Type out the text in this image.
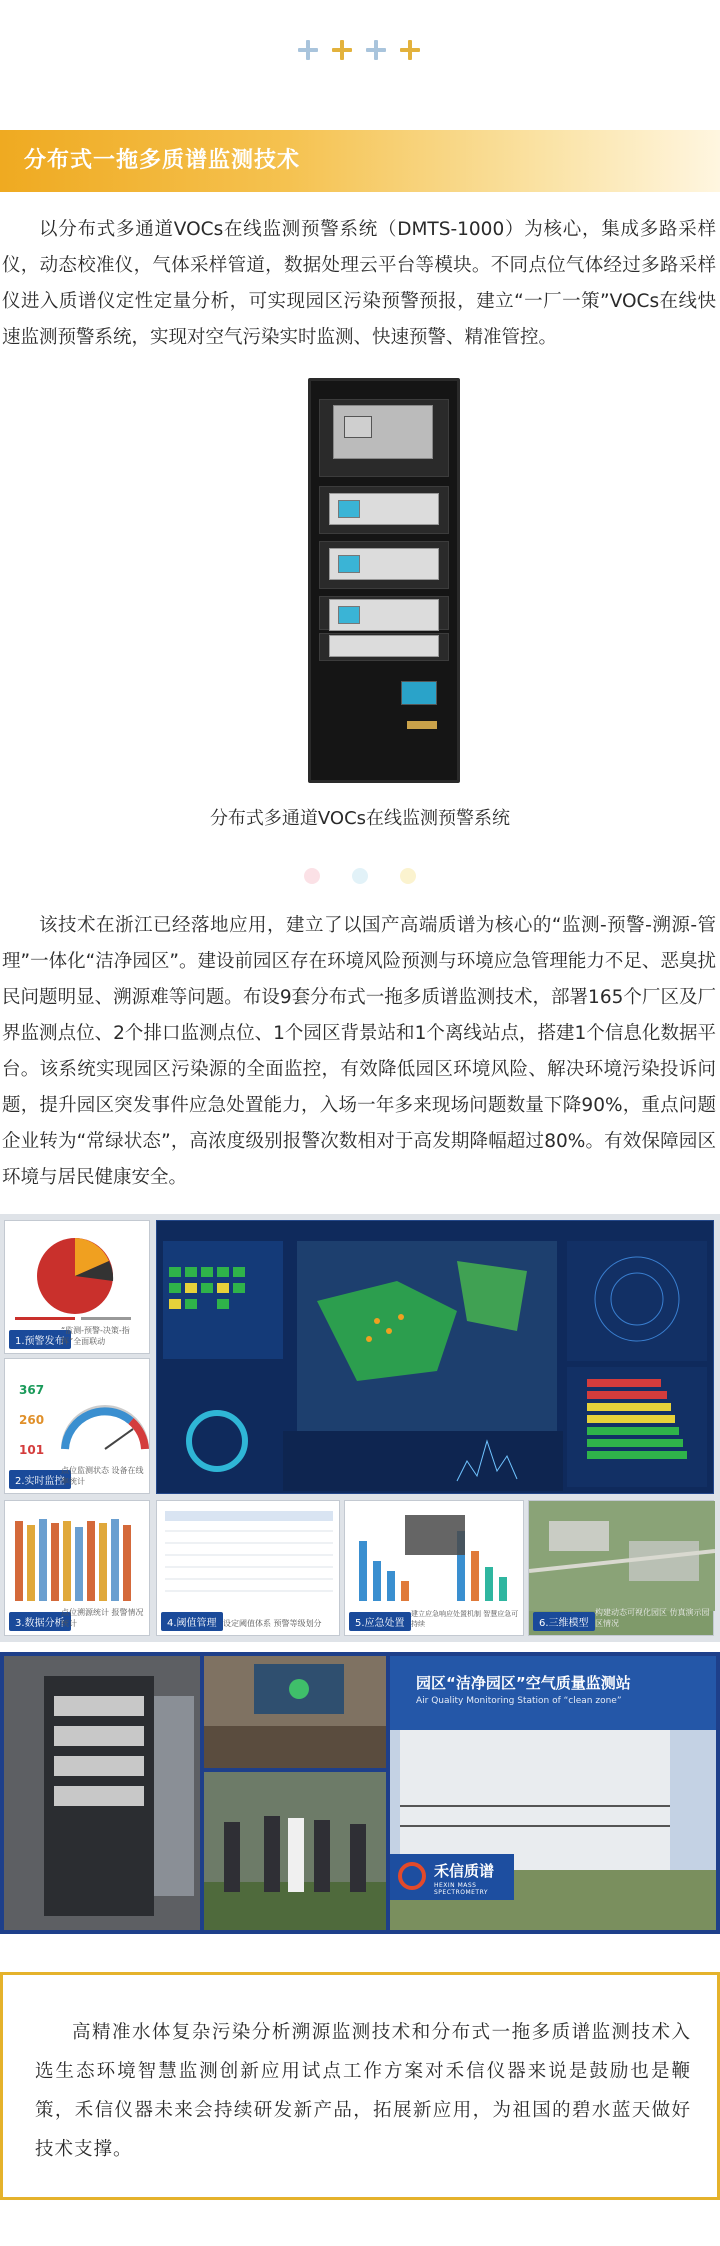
分布式一拖多质谱监测技术

以分布式多通道VOCs在线监测预警系统（DMTS-1000）为核心，集成多路采样仪，动态校准仪，气体采样管道，数据处理云平台等模块。不同点位气体经过多路采样仪进入质谱仪定性定量分析，可实现园区污染预警预报，建立“一厂一策”VOCs在线快速监测预警系统，实现对空气污染实时监测、快速预警、精准管控。

分布式多通道VOCs在线监测预警系统

该技术在浙江已经落地应用，建立了以国产高端质谱为核心的“监测-预警-溯源-管理”一体化“洁净园区”。建设前园区存在环境风险预测与环境应急管理能力不足、恶臭扰民问题明显、溯源难等问题。布设9套分布式一拖多质谱监测技术，部署165个厂区及厂界监测点位、2个排口监测点位、1个园区背景站和1个离线站点，搭建1个信息化数据平台。该系统实现园区污染源的全面监控，有效降低园区环境风险、解决环境污染投诉问题，提升园区突发事件应急处置能力，入场一年多来现场问题数量下降90%，重点问题企业转为“常绿状态”，高浓度级别报警次数相对于高发期降幅超过80%。有效保障园区环境与居民健康安全。

1.预警发布
“监测-预警-决策-指挥”全面联动
367
260
101
2.实时监控
点位监测状态 设备在线率统计
3.数据分析
点位溯源统计 报警情况统计	4.阈值管理 设定阈值体系 预警等级划分	5.应急处置
建立应急响应处置机制 智慧应急可持续	6.三维模型
构建动态可视化园区 仿真演示园区情况
园区“洁净园区”空气质量监测站
Air Quality Monitoring Station of “clean zone”
禾信质谱
HEXIN MASS SPECTROMETRY

高精准水体复杂污染分析溯源监测技术和分布式一拖多质谱监测技术入选生态环境智慧监测创新应用试点工作方案对禾信仪器来说是鼓励也是鞭策，禾信仪器未来会持续研发新产品，拓展新应用，为祖国的碧水蓝天做好技术支撑。
